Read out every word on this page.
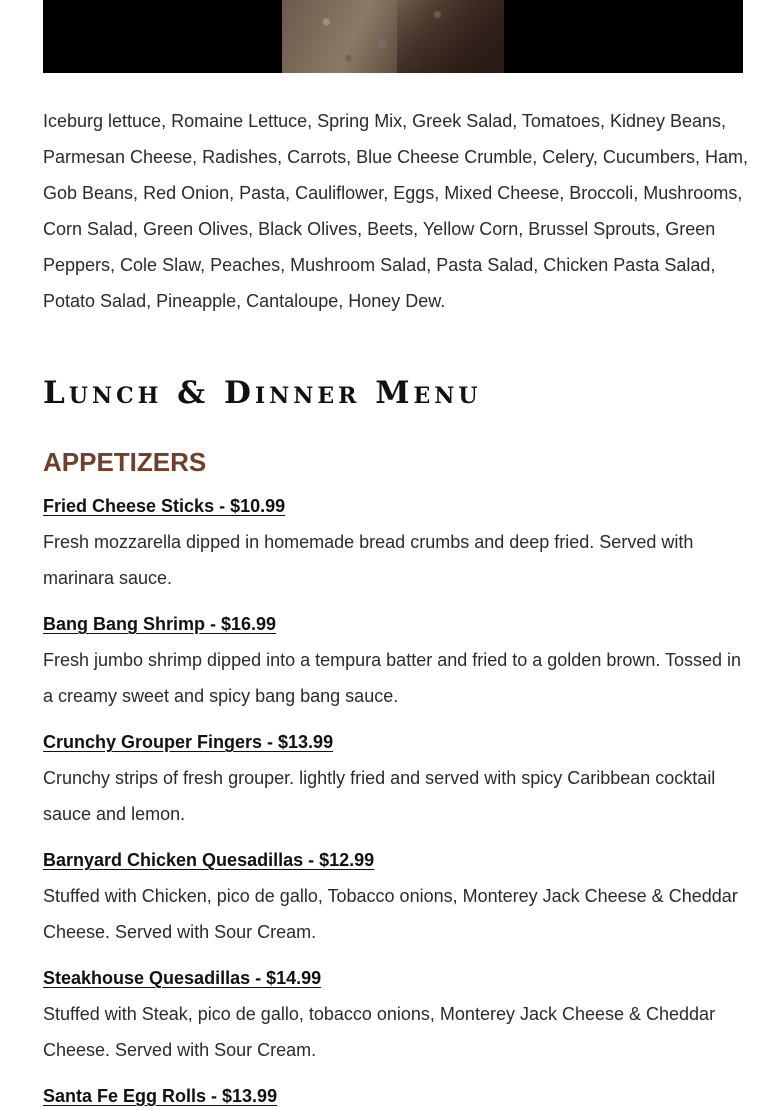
Iceburg lettuce, Romaine Lettuce, Spring Mix, Greek Salad, Tomatoes, Kidney Beans, Parmesan Cheese, Radishes, Carrots, Blue Cheese Crumble, Celery, Cucumbers, Ham, Gob Beans, Red Onion, Pasta, Cauliflower, Eggs, Mixed Cheese, Broccoli, Mushrooms, Corn Salad, Green Olives, Black Olives, Beets, Yellow Corn, Brussel Sprouts, Green Peppers, Cole Slaw, Peaches, Mushroom Salad, Pasta Salad, Chicken Pasta Salad, Potato Salad, Pineapple, Cantaloupe, Honey Dew.

Lunch & Dinner Menu
APPETIZERS
Fried Cheese Sticks - $10.99

Fresh mozzarella dipped in homemade bread crumbs and deep fried. Served with marinara sauce.

Bang Bang Shrimp - $16.99

Fresh jumbo shrimp dipped into a tempura batter and fried to a golden brown. Tossed in a creamy sweet and spicy bang bang sauce.

Crunchy Grouper Fingers - $13.99

Crunchy strips of fresh grouper. lightly fried and served with spicy Caribbean cocktail sauce and lemon.

Barnyard Chicken Quesadillas - $12.99

Stuffed with Chicken, pico de gallo, Tobacco onions, Monterey Jack Cheese & Cheddar Cheese. Served with Sour Cream.

Steakhouse Quesadillas - $14.99

Stuffed with Steak, pico de gallo, tobacco onions, Monterey Jack Cheese & Cheddar Cheese. Served with Sour Cream.

Santa Fe Egg Rolls - $13.99
